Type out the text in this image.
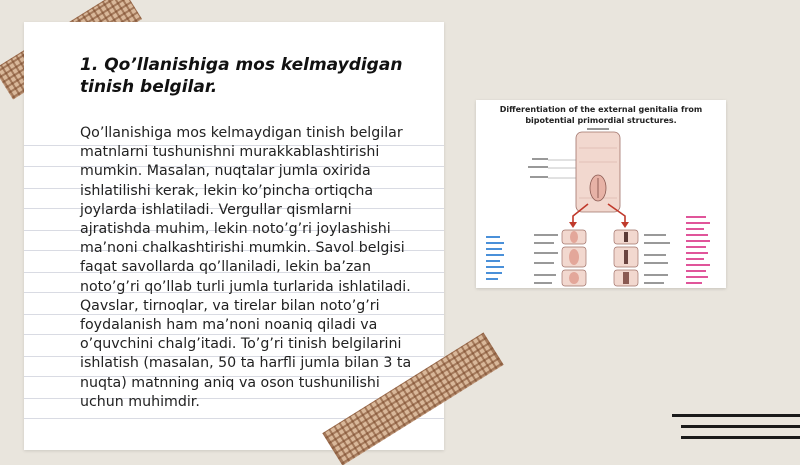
1. Qo’llanishiga mos kelmaydigan tinish belgilar.
Qo’llanishiga mos kelmaydigan tinish belgilar matnlarni tushunishni murakkablashtirishi mumkin. Masalan, nuqtalar jumla oxirida ishlatilishi kerak, lekin ko’pincha ortiqcha joylarda ishlatiladi. Vergullar qismlarni ajratishda muhim, lekin noto’g’ri joylashishi ma’noni chalkashtirishi mumkin. Savol belgisi faqat savollarda qo’llaniladi, lekin ba’zan noto’g’ri qo’llab turli jumla turlarida ishlatiladi. Qavslar, tirnoqlar, va tirelar bilan noto’g’ri foydalanish ham ma’noni noaniq qiladi va o’quvchini chalg’itadi. To’g’ri tinish belgilarini ishlatish (masalan, 50 ta harfli jumla bilan 3 ta nuqta) matnning aniq va oson tushunilishi uchun muhimdir.
Differentiation of the external genitalia from bipotential primordial structures.
